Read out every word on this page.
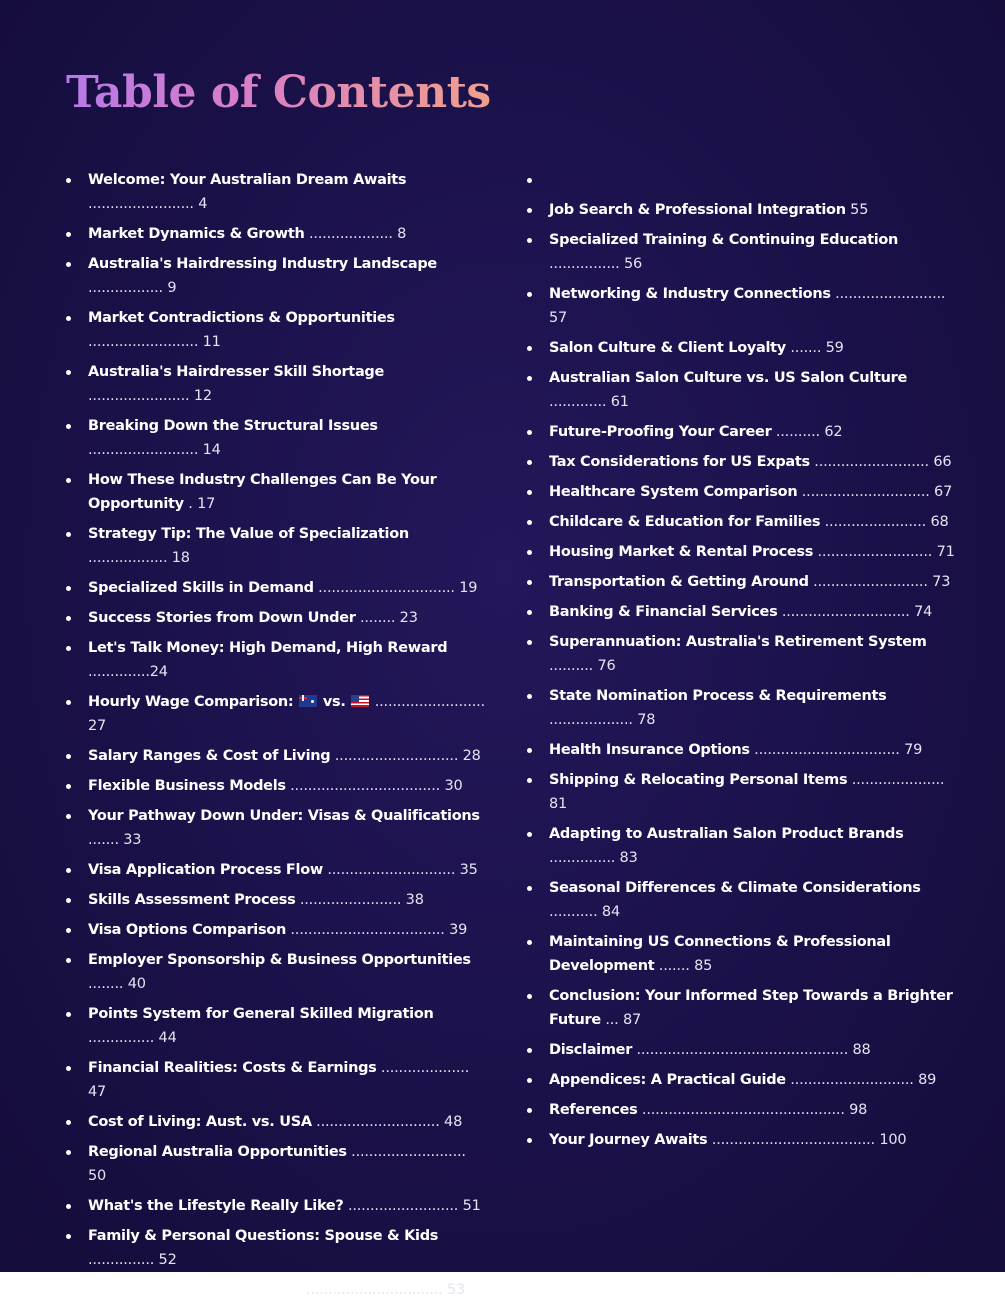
Table of Contents
Welcome: Your Australian Dream Awaits ........................ 4
Market Dynamics & Growth ................... 8
Australia's Hairdressing Industry Landscape ................. 9
Market Contradictions & Opportunities ......................... 11
Australia's Hairdresser Skill Shortage ....................... 12
Breaking Down the Structural Issues ......................... 14
How These Industry Challenges Can Be Your Opportunity . 17
Strategy Tip: The Value of Specialization .................. 18
Specialized Skills in Demand ............................... 19
Success Stories from Down Under ........ 23
Let's Talk Money: High Demand, High Reward ..............24
Hourly Wage Comparison:  vs.  ......................... 27
Salary Ranges & Cost of Living ............................ 28
Flexible Business Models .................................. 30
Your Pathway Down Under: Visas & Qualifications ....... 33
Visa Application Process Flow ............................. 35
Skills Assessment Process ....................... 38
Visa Options Comparison ................................... 39
Employer Sponsorship & Business Opportunities ........ 40
Points System for General Skilled Migration ............... 44
Financial Realities: Costs & Earnings .................... 47
Cost of Living: Aust. vs. USA ............................ 48
Regional Australia Opportunities .......................... 50
What's the Lifestyle Really Like? ......................... 51
Family & Personal Questions: Spouse & Kids ............... 52
Will I Lose My US Benefits? ............................... 53
Job Search & Professional Integration 55
Specialized Training & Continuing Education ................ 56
Networking & Industry Connections ......................... 57
Salon Culture & Client Loyalty ....... 59
Australian Salon Culture vs. US Salon Culture ............. 61
Future-Proofing Your Career .......... 62
Tax Considerations for US Expats .......................... 66
Healthcare System Comparison ............................. 67
Childcare & Education for Families ....................... 68
Housing Market & Rental Process .......................... 71
Transportation & Getting Around .......................... 73
Banking & Financial Services ............................. 74
Superannuation: Australia's Retirement System .......... 76
State Nomination Process & Requirements ................... 78
Health Insurance Options ................................. 79
Shipping & Relocating Personal Items ..................... 81
Adapting to Australian Salon Product Brands ............... 83
Seasonal Differences & Climate Considerations ........... 84
Maintaining US Connections & Professional Development ....... 85
Conclusion: Your Informed Step Towards a Brighter Future ... 87
Disclaimer ................................................ 88
Appendices: A Practical Guide ............................ 89
References .............................................. 98
Your Journey Awaits ..................................... 100
